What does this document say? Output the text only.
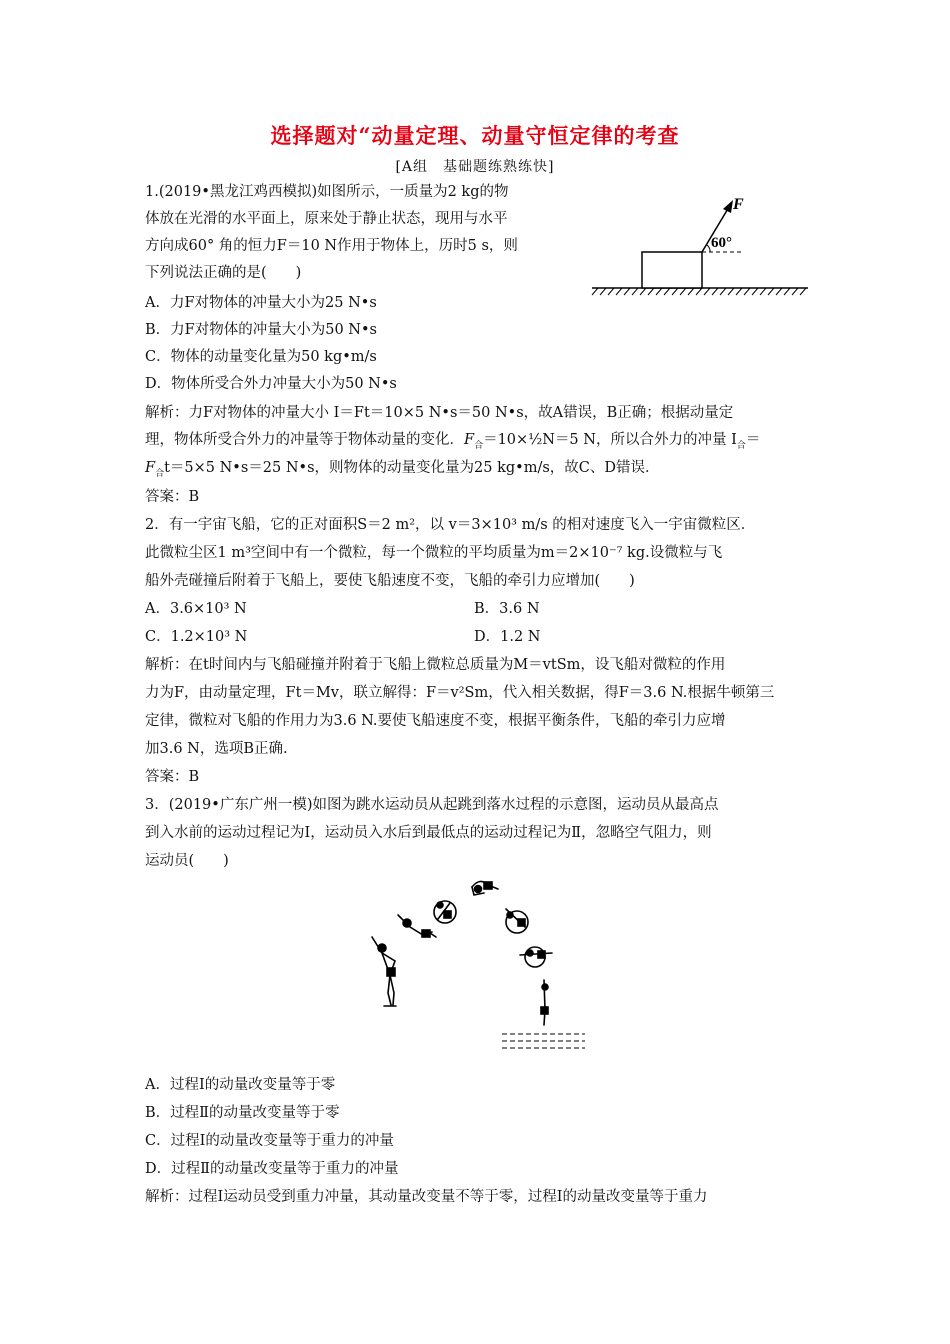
选择题对“动量定理、动量守恒定律的考查
[A组　基础题练熟练快]
1.(2019•黑龙江鸡西模拟)如图所示，一质量为2 kg的物
体放在光滑的水平面上，原来处于静止状态，现用与水平
方向成60° 角的恒力F＝10 N作用于物体上，历时5 s，则
下列说法正确的是(　　)
F
60°
A．力F对物体的冲量大小为25 N•s
B．力F对物体的冲量大小为50 N•s
C．物体的动量变化量为50 kg•m/s
D．物体所受合外力冲量大小为50 N•s
解析：力F对物体的冲量大小 I＝Ft＝10×5 N•s＝50 N•s，故A错误，B正确；根据动量定
理，物体所受合外力的冲量等于物体动量的变化．$F_合=10\times\frac{1}{2}N=5$ N，所以合外力的冲量 $I_合=$
$F_合t=5\times 5$ N•s＝25 N•s，则物体的动量变化量为25 kg•m/s，故C、D错误．
答案：B
2．有一宇宙飞船，它的正对面积S＝2 m²，以 v＝3×10³ m/s 的相对速度飞入一宇宙微粒区．
此微粒尘区1 m³空间中有一个微粒，每一个微粒的平均质量为m＝2×10⁻⁷ kg.设微粒与飞
船外壳碰撞后附着于飞船上，要使飞船速度不变，飞船的牵引力应增加(　　)
A．3.6×10³ N	B．3.6 N
C．1.2×10³ N	D．1.2 N
解析：在t时间内与飞船碰撞并附着于飞船上微粒总质量为M＝vtSm，设飞船对微粒的作用
力为F，由动量定理，Ft＝Mv，联立解得：F＝v²Sm，代入相关数据，得F＝3.6 N.根据牛顿第三
定律，微粒对飞船的作用力为3.6 N.要使飞船速度不变，根据平衡条件，飞船的牵引力应增
加3.6 N，选项B正确.
答案：B
3．(2019•广东广州一模)如图为跳水运动员从起跳到落水过程的示意图，运动员从最高点
到入水前的运动过程记为Ⅰ，运动员入水后到最低点的运动过程记为Ⅱ，忽略空气阻力，则
运动员(　　)
A．过程Ⅰ的动量改变量等于零
B．过程Ⅱ的动量改变量等于零
C．过程Ⅰ的动量改变量等于重力的冲量
D．过程Ⅱ的动量改变量等于重力的冲量
解析：过程Ⅰ运动员受到重力冲量，其动量改变量不等于零，过程Ⅰ的动量改变量等于重力
